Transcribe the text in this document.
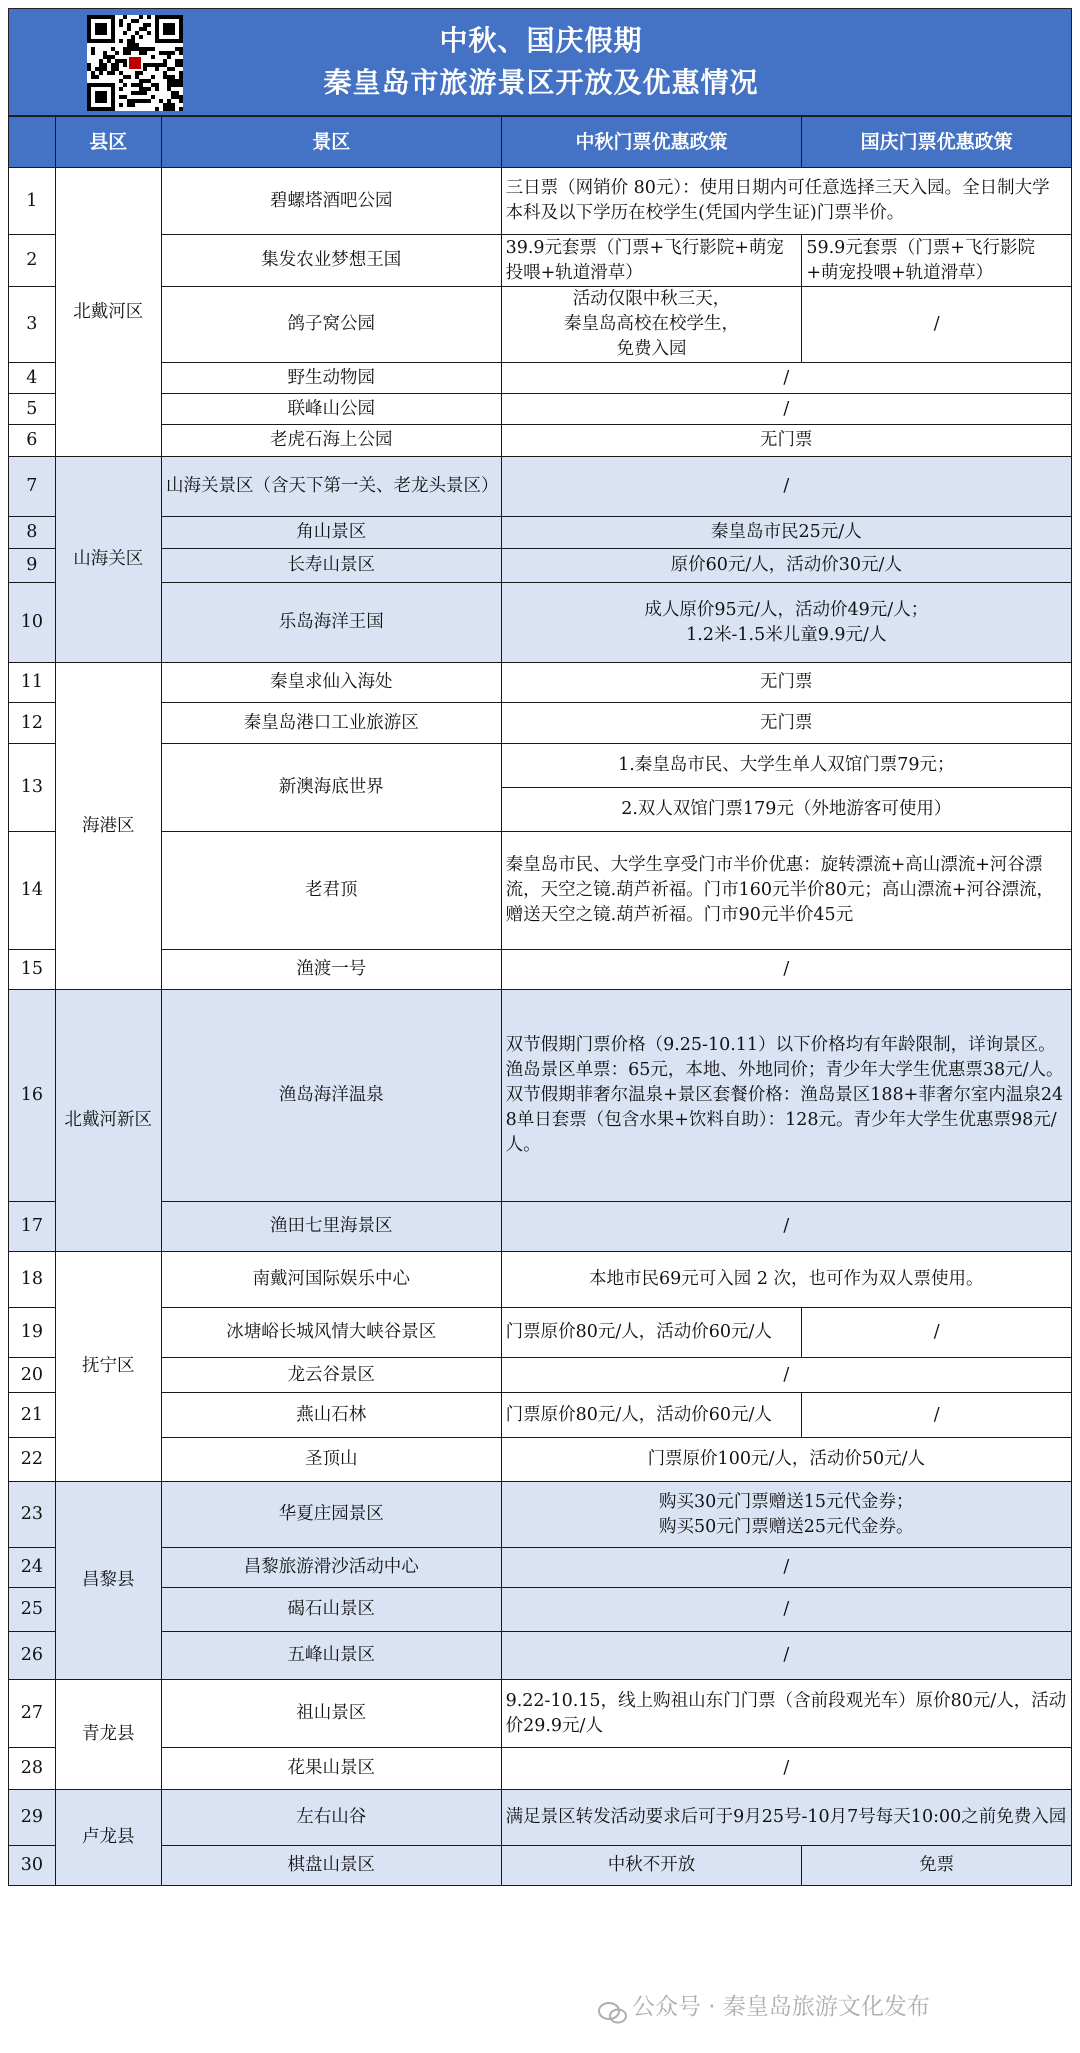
中秋、国庆假期
秦皇岛市旅游景区开放及优惠情况
	县区	景区	中秋门票优惠政策	国庆门票优惠政策
1	北戴河区	碧螺塔酒吧公园	三日票（网销价 80元）：使用日期内可任意选择三天入园。全日制大学本科及以下学历在校学生(凭国内学生证)门票半价。	
2		集发农业梦想王国	39.9元套票（门票+飞行影院+萌宠投喂+轨道滑草）	59.9元套票（门票+飞行影院+萌宠投喂+轨道滑草）
3		鸽子窝公园	活动仅限中秋三天，
秦皇岛高校在校学生，
免费入园	/
4		野生动物园	/	
5		联峰山公园	/	
6		老虎石海上公园	无门票	
7	山海关区	山海关景区（含天下第一关、老龙头景区）	/	
8		角山景区	秦皇岛市民25元/人	
9		长寿山景区	原价60元/人，活动价30元/人	
10		乐岛海洋王国	成人原价95元/人，活动价49元/人；
1.2米-1.5米儿童9.9元/人	

11	海港区	秦皇求仙入海处	无门票	
12		秦皇岛港口工业旅游区	无门票	
13		新澳海底世界	1.秦皇岛市民、大学生单人双馆门票79元；	
			2.双人双馆门票179元（外地游客可使用）	
14		老君顶	秦皇岛市民、大学生享受门市半价优惠：旋转漂流+高山漂流+河谷漂流，天空之镜.葫芦祈福。门市160元半价80元；高山漂流+河谷漂流，赠送天空之镜.葫芦祈福。门市90元半价45元	
15		渔渡一号	/	
16	北戴河新区	渔岛海洋温泉	双节假期门票价格（9.25-10.11）以下价格均有年龄限制，详询景区。渔岛景区单票：65元，本地、外地同价；青少年大学生优惠票38元/人。双节假期菲奢尔温泉+景区套餐价格：渔岛景区188+菲奢尔室内温泉248单日套票（包含水果+饮料自助）：128元。青少年大学生优惠票98元/人。	
17		渔田七里海景区	/	
18	抚宁区	南戴河国际娱乐中心	本地市民69元可入园 2 次，也可作为双人票使用。	
19		冰塘峪长城风情大峡谷景区	门票原价80元/人，活动价60元/人	/
20		龙云谷景区	/	
21		燕山石林	门票原价80元/人，活动价60元/人	/
22		圣顶山	门票原价100元/人，活动价50元/人	
23	昌黎县	华夏庄园景区	购买30元门票赠送15元代金券；
购买50元门票赠送25元代金券。	

24		昌黎旅游滑沙活动中心	/	
25		碣石山景区	/	
26		五峰山景区	/	
27	青龙县	祖山景区	9.22-10.15，线上购祖山东门门票（含前段观光车）原价80元/人，活动价29.9元/人	
28		花果山景区	/	
29	卢龙县	左右山谷	满足景区转发活动要求后可于9月25号-10月7号每天10:00之前免费入园	
30		棋盘山景区	中秋不开放	免票
公众号 · 秦皇岛旅游文化发布
